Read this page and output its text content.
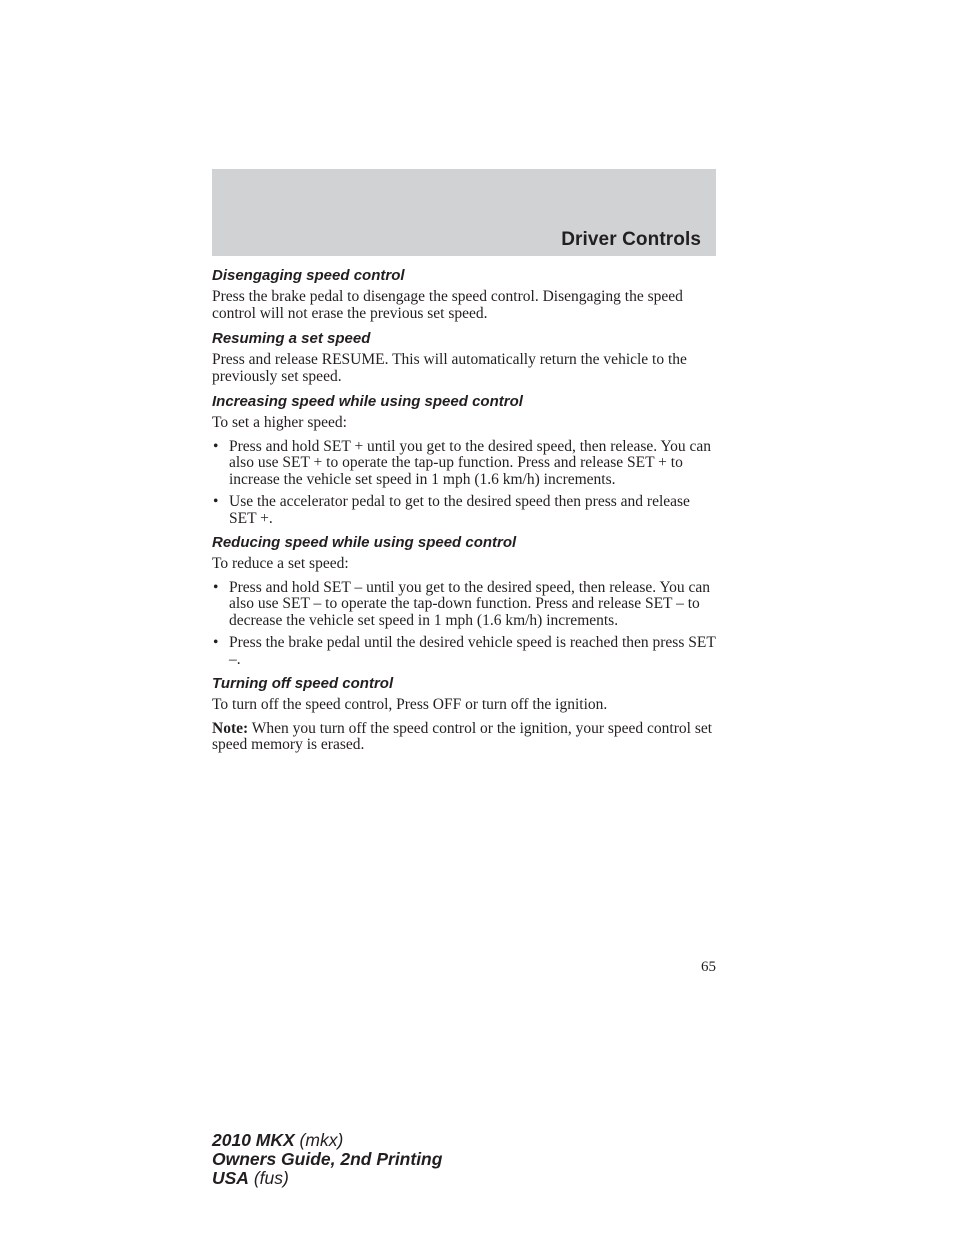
Driver Controls
Disengaging speed control

Press the brake pedal to disengage the speed control. Disengaging the speed control will not erase the previous set speed.

Resuming a set speed

Press and release RESUME. This will automatically return the vehicle to the previously set speed.

Increasing speed while using speed control

To set a higher speed:

• Press and hold SET + until you get to the desired speed, then release. You can also use SET + to operate the tap-up function. Press and release SET + to increase the vehicle set speed in 1 mph (1.6 km/h) increments.
• Use the accelerator pedal to get to the desired speed then press and release SET +.
Reducing speed while using speed control

To reduce a set speed:

• Press and hold SET – until you get to the desired speed, then release. You can also use SET – to operate the tap-down function. Press and release SET – to decrease the vehicle set speed in 1 mph (1.6 km/h) increments.
• Press the brake pedal until the desired vehicle speed is reached then press SET –.
Turning off speed control

To turn off the speed control, Press OFF or turn off the ignition.

Note: When you turn off the speed control or the ignition, your speed control set speed memory is erased.

65
2010 MKX (mkx)
Owners Guide, 2nd Printing
USA (fus)
